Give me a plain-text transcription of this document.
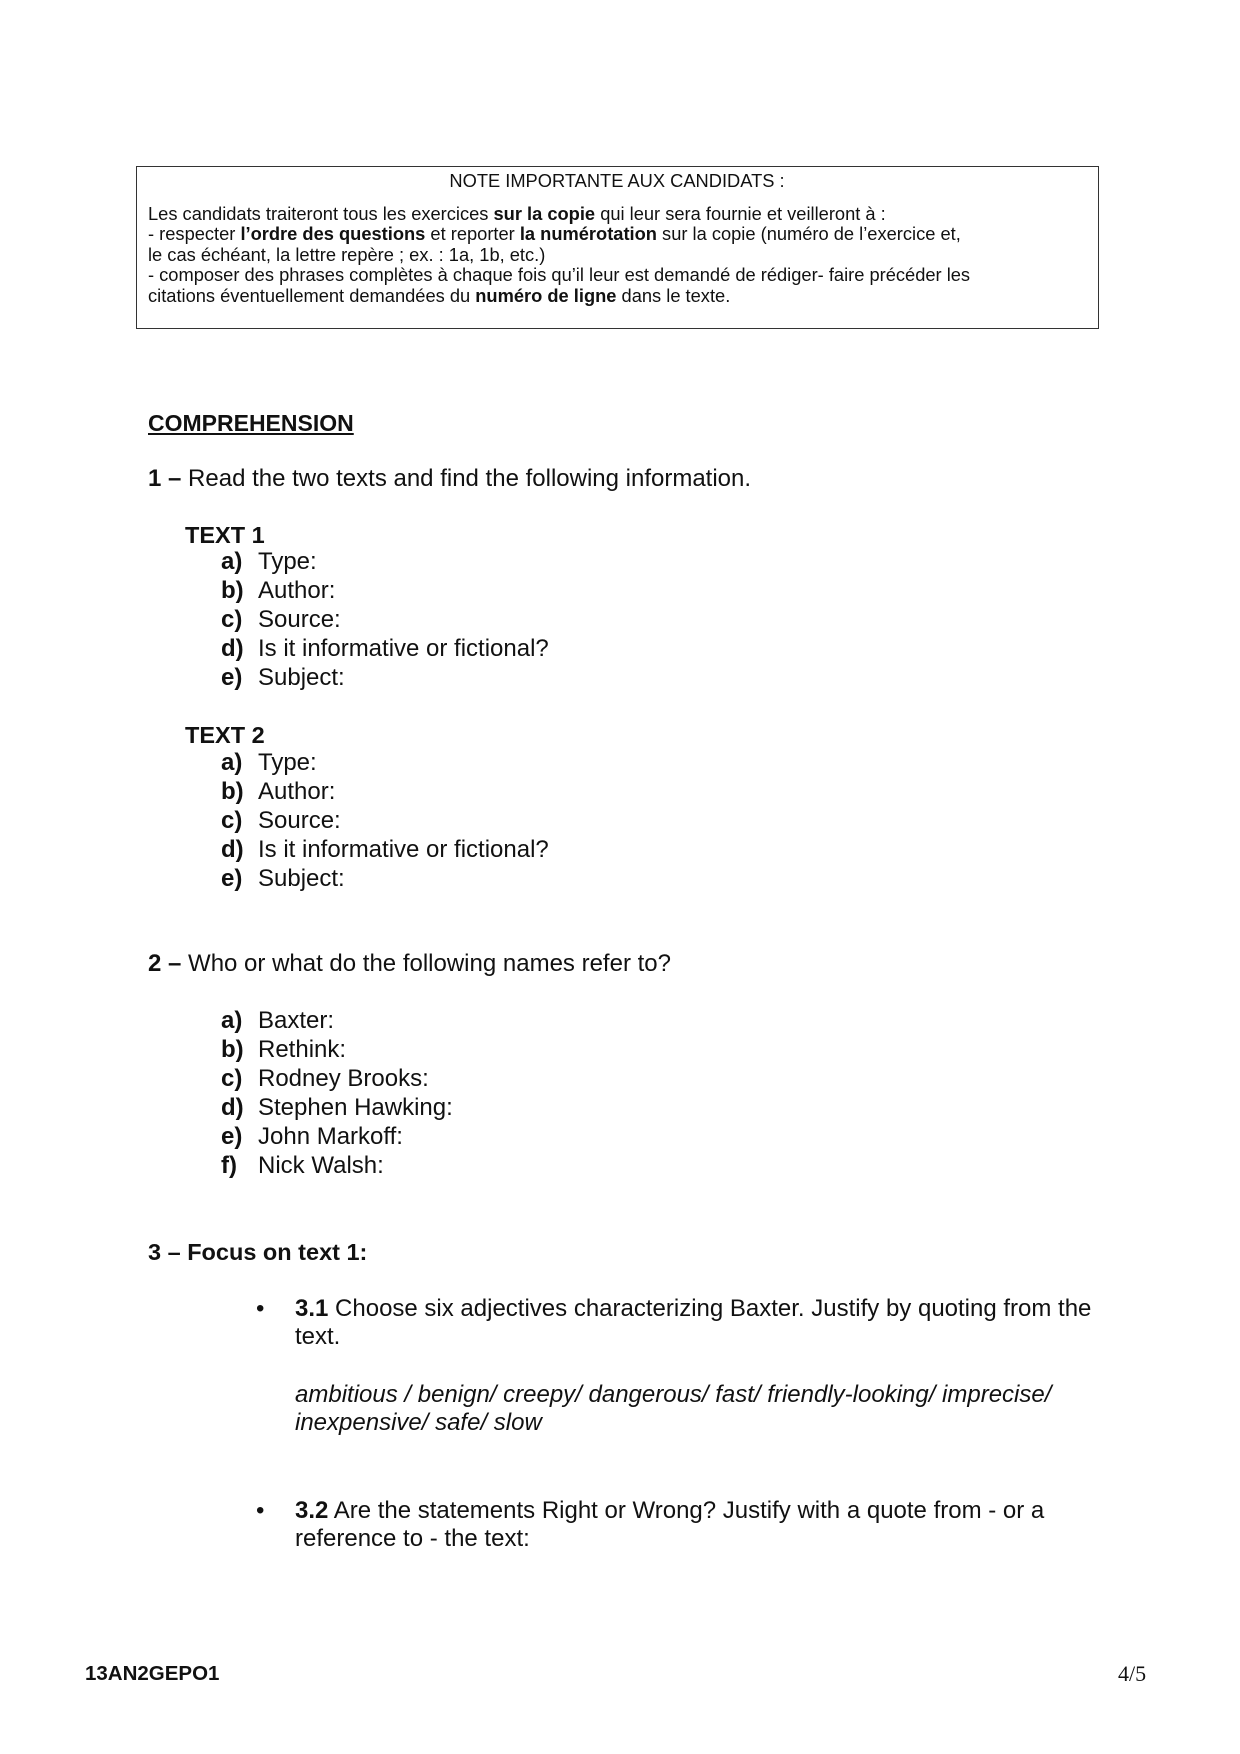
NOTE IMPORTANTE AUX CANDIDATS :
Les candidats traiteront tous les exercices sur la copie qui leur sera fournie et veilleront à :
- respecter l’ordre des questions et reporter la numérotation sur la copie (numéro de l’exercice et,
le cas échéant, la lettre repère ; ex. : 1a, 1b, etc.)
- composer des phrases complètes à chaque fois qu’il leur est demandé de rédiger- faire précéder les
citations éventuellement demandées du numéro de ligne dans le texte.
COMPREHENSION
1 – Read the two texts and find the following information.
TEXT 1
a) Type:
b) Author:
c) Source:
d) Is it informative or fictional?
e) Subject:
TEXT 2
a) Type:
b) Author:
c) Source:
d) Is it informative or fictional?
e) Subject:
2 – Who or what do the following names refer to?
a) Baxter:
b) Rethink:
c) Rodney Brooks:
d) Stephen Hawking:
e) John Markoff:
f) Nick Walsh:
3 – Focus on text 1:
• 3.1 Choose six adjectives characterizing Baxter. Justify by quoting from the text.
ambitious / benign/ creepy/ dangerous/ fast/ friendly-looking/ imprecise/
inexpensive/ safe/ slow
• 3.2 Are the statements Right or Wrong? Justify with a quote from - or a reference to - the text:
13AN2GEPO1	4/5
